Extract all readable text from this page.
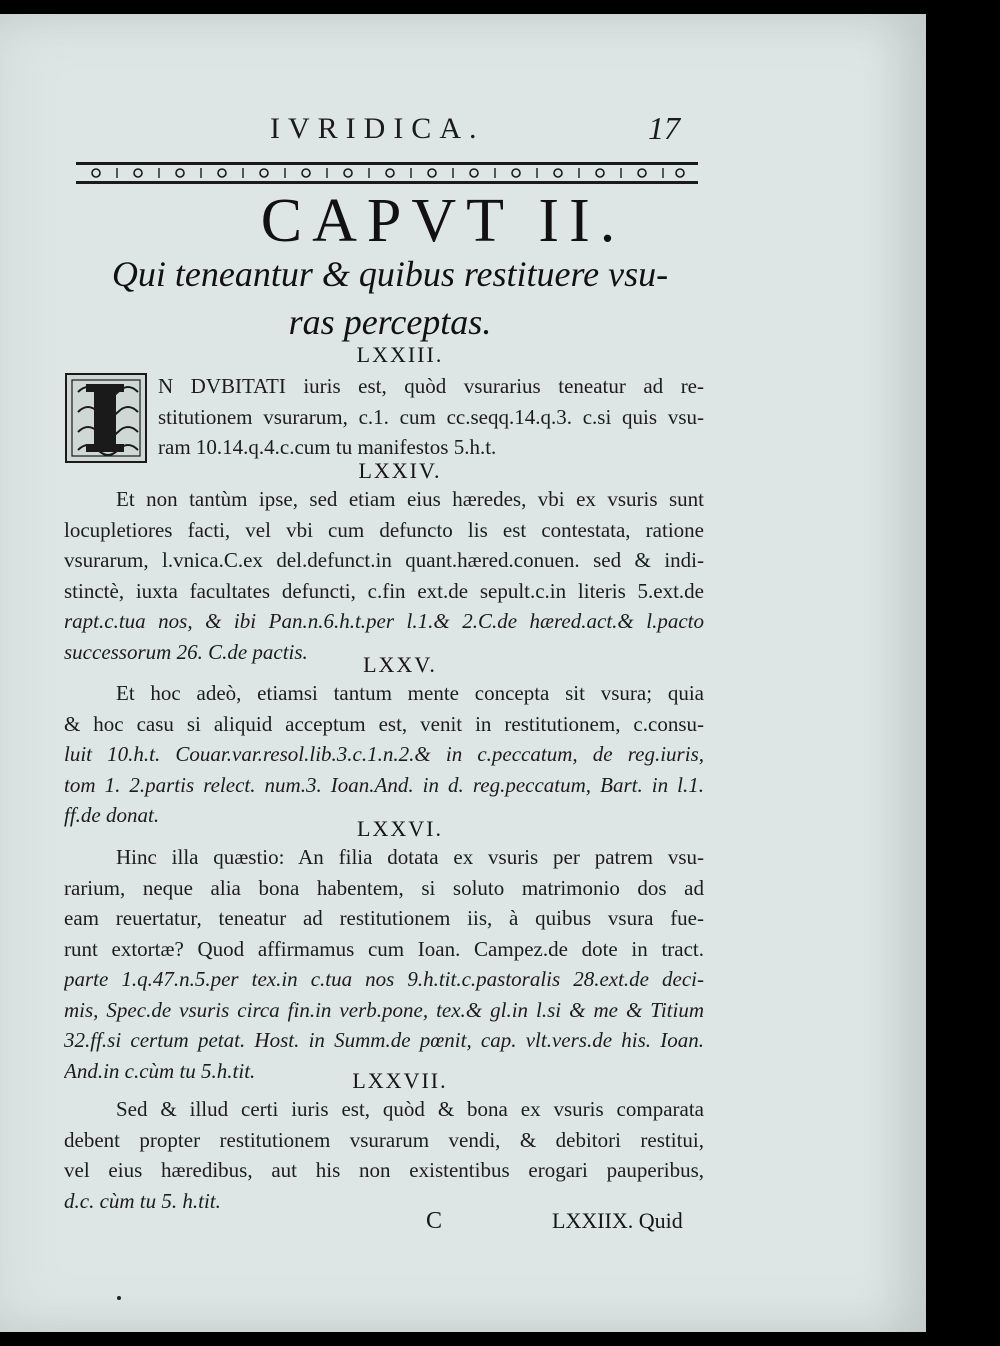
IVRIDICA.	17
CAPVT II.
Qui teneantur & quibus restituere vsu-
ras perceptas.
LXXIII.
N DVBITATI iuris est, quòd vsurarius teneatur ad re-
stitutionem vsurarum, c.1. cum cc.seqq.14.q.3. c.si quis vsu-
ram 10.14.q.4.c.cum tu manifestos 5.h.t.
LXXIV.
Et non tantùm ipse, sed etiam eius hæredes, vbi ex vsuris sunt
locupletiores facti, vel vbi cum defuncto lis est contestata, ratione
vsurarum, l.vnica.C.ex del.defunct.in quant.hæred.conuen. sed & indi-
stinctè, iuxta facultates defuncti, c.fin ext.de sepult.c.in literis 5.ext.de
rapt.c.tua nos, & ibi Pan.n.6.h.t.per l.1.& 2.C.de hæred.act.& l.pacto
successorum 26. C.de pactis.
LXXV.
Et hoc adeò, etiamsi tantum mente concepta sit vsura; quia
& hoc casu si aliquid acceptum est, venit in restitutionem, c.consu-
luit 10.h.t. Couar.var.resol.lib.3.c.1.n.2.& in c.peccatum, de reg.iuris,
tom 1. 2.partis relect. num.3. Ioan.And. in d. reg.peccatum, Bart. in l.1.
ff.de donat.
LXXVI.
Hinc illa quæstio: An filia dotata ex vsuris per patrem vsu-
rarium, neque alia bona habentem, si soluto matrimonio dos ad
eam reuertatur, teneatur ad restitutionem iis, à quibus vsura fue-
runt extortæ? Quod affirmamus cum Ioan. Campez.de dote in tract.
parte 1.q.47.n.5.per tex.in c.tua nos 9.h.tit.c.pastoralis 28.ext.de deci-
mis, Spec.de vsuris circa fin.in verb.pone, tex.& gl.in l.si & me & Titium
32.ff.si certum petat. Host. in Summ.de pœnit, cap. vlt.vers.de his. Ioan.
And.in c.cùm tu 5.h.tit.	LXXVII.
Sed & illud certi iuris est, quòd & bona ex vsuris comparata
debent propter restitutionem vsurarum vendi, & debitori restitui,
vel eius hæredibus, aut his non existentibus erogari pauperibus,
d.c. cùm tu 5. h.tit.
C	LXXIIX. Quid
